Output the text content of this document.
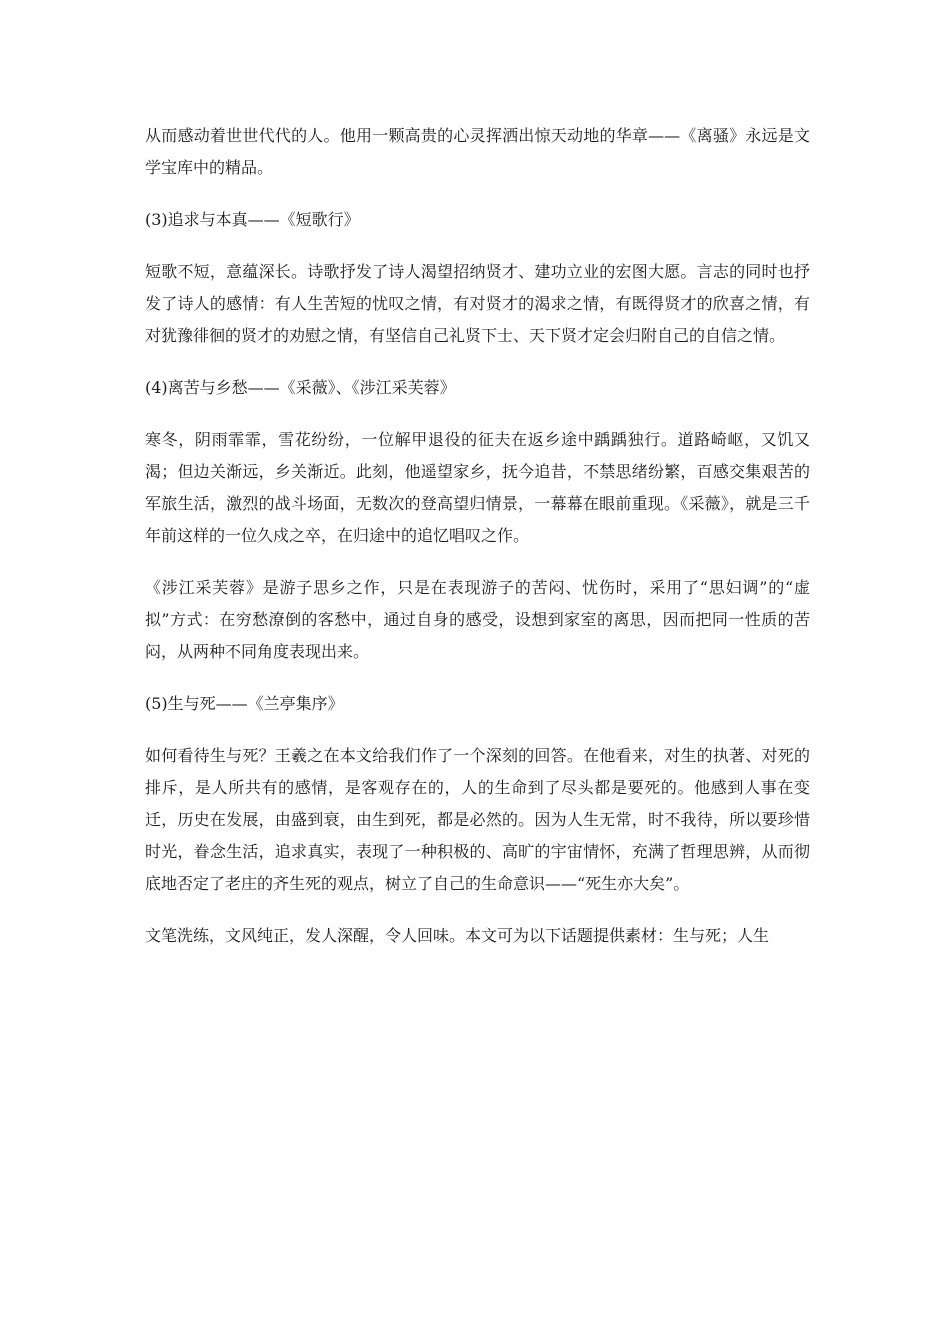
从而感动着世世代代的人。他用一颗高贵的心灵挥洒出惊天动地的华章——《离骚》永远是文学宝库中的精品。

(3)追求与本真——《短歌行》

短歌不短，意蕴深长。诗歌抒发了诗人渴望招纳贤才、建功立业的宏图大愿。言志的同时也抒发了诗人的感情：有人生苦短的忧叹之情，有对贤才的渴求之情，有既得贤才的欣喜之情，有对犹豫徘徊的贤才的劝慰之情，有坚信自己礼贤下士、天下贤才定会归附自己的自信之情。

(4)离苦与乡愁——《采薇》、《涉江采芙蓉》

寒冬，阴雨霏霏，雪花纷纷，一位解甲退役的征夫在返乡途中踽踽独行。道路崎岖，又饥又渴；但边关渐远，乡关渐近。此刻，他遥望家乡，抚今追昔，不禁思绪纷繁，百感交集艰苦的军旅生活，激烈的战斗场面，无数次的登高望归情景，一幕幕在眼前重现。《采薇》，就是三千年前这样的一位久戍之卒，在归途中的追忆唱叹之作。

《涉江采芙蓉》是游子思乡之作，只是在表现游子的苦闷、忧伤时，采用了“思妇调”的“虚拟”方式：在穷愁潦倒的客愁中，通过自身的感受，设想到家室的离思，因而把同一性质的苦闷，从两种不同角度表现出来。

(5)生与死——《兰亭集序》

如何看待生与死？王羲之在本文给我们作了一个深刻的回答。在他看来，对生的执著、对死的排斥，是人所共有的感情，是客观存在的，人的生命到了尽头都是要死的。他感到人事在变迁，历史在发展，由盛到衰，由生到死，都是必然的。因为人生无常，时不我待，所以要珍惜时光，眷念生活，追求真实，表现了一种积极的、高旷的宇宙情怀，充满了哲理思辨，从而彻底地否定了老庄的齐生死的观点，树立了自己的生命意识——“死生亦大矣”。

文笔洗练，文风纯正，发人深醒，令人回味。本文可为以下话题提供素材：生与死；人生
